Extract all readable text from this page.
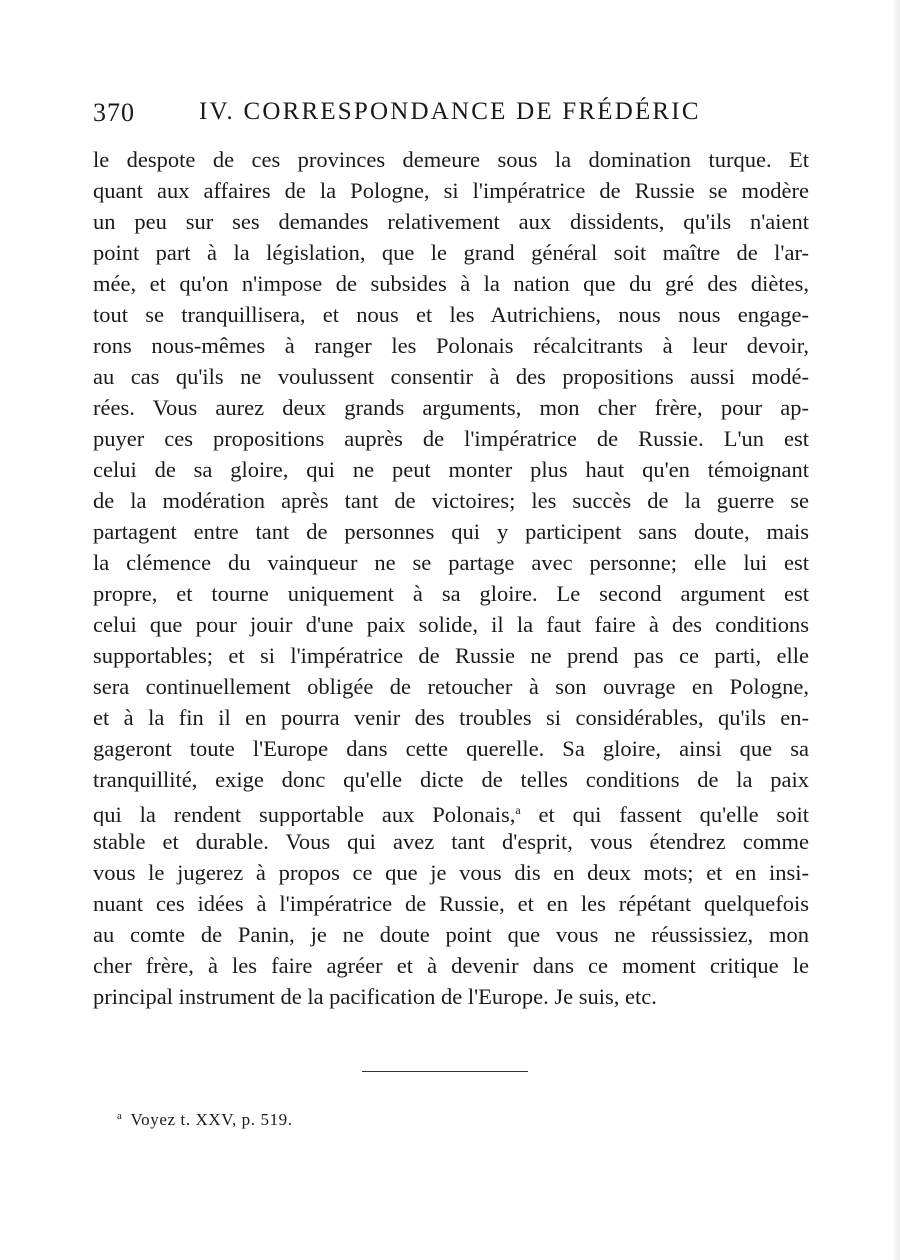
370	IV. CORRESPONDANCE DE FRÉDÉRIC
le despote de ces provinces demeure sous la domination turque. Et
quant aux affaires de la Pologne, si l'impératrice de Russie se modère
un peu sur ses demandes relativement aux dissidents, qu'ils n'aient
point part à la législation, que le grand général soit maître de l'ar-
mée, et qu'on n'impose de subsides à la nation que du gré des diètes,
tout se tranquillisera, et nous et les Autrichiens, nous nous engage-
rons nous-mêmes à ranger les Polonais récalcitrants à leur devoir,
au cas qu'ils ne voulussent consentir à des propositions aussi modé-
rées. Vous aurez deux grands arguments, mon cher frère, pour ap-
puyer ces propositions auprès de l'impératrice de Russie. L'un est
celui de sa gloire, qui ne peut monter plus haut qu'en témoignant
de la modération après tant de victoires; les succès de la guerre se
partagent entre tant de personnes qui y participent sans doute, mais
la clémence du vainqueur ne se partage avec personne; elle lui est
propre, et tourne uniquement à sa gloire. Le second argument est
celui que pour jouir d'une paix solide, il la faut faire à des conditions
supportables; et si l'impératrice de Russie ne prend pas ce parti, elle
sera continuellement obligée de retoucher à son ouvrage en Pologne,
et à la fin il en pourra venir des troubles si considérables, qu'ils en-
gageront toute l'Europe dans cette querelle. Sa gloire, ainsi que sa
tranquillité, exige donc qu'elle dicte de telles conditions de la paix
qui la rendent supportable aux Polonais,$^a$ et qui fassent qu'elle soit
stable et durable. Vous qui avez tant d'esprit, vous étendrez comme
vous le jugerez à propos ce que je vous dis en deux mots; et en insi-
nuant ces idées à l'impératrice de Russie, et en les répétant quelquefois
au comte de Panin, je ne doute point que vous ne réussissiez, mon
cher frère, à les faire agréer et à devenir dans ce moment critique le
principal instrument de la pacification de l'Europe. Je suis, etc.
$^a$ Voyez t. XXV, p. 519.
